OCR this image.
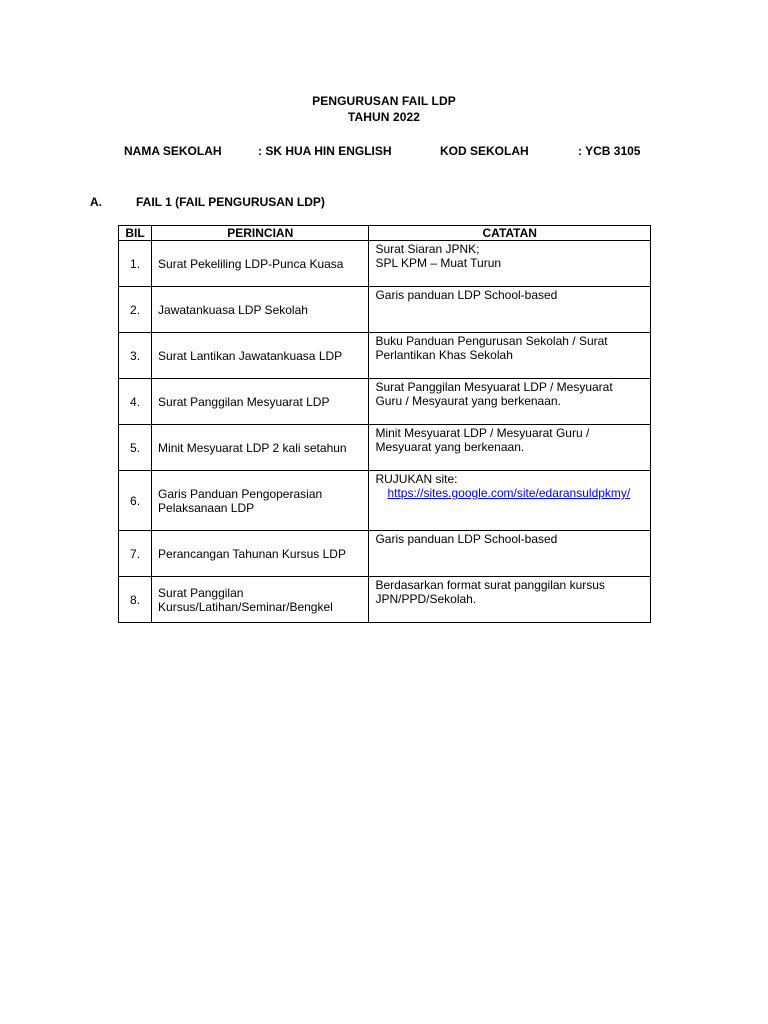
PENGURUSAN FAIL LDP
TAHUN 2022
NAMA SEKOLAH	: SK HUA HIN ENGLISH	KOD SEKOLAH	: YCB 3105
A.	FAIL 1 (FAIL PENGURUSAN LDP)
BIL	PERINCIAN	CATATAN
1.	Surat Pekeliling LDP-Punca Kuasa	Surat Siaran JPNK;
SPL KPM – Muat Turun

2.	Jawatankuasa LDP Sekolah	Garis panduan LDP School-based

3.	Surat Lantikan Jawatankuasa LDP	Buku Panduan Pengurusan Sekolah / Surat
Perlantikan Khas Sekolah

4.	Surat Panggilan Mesyuarat LDP	Surat Panggilan Mesyuarat LDP / Mesyuarat
Guru / Mesyaurat yang berkenaan.

5.	Minit Mesyuarat LDP 2 kali setahun	Minit Mesyuarat LDP / Mesyuarat Guru /
Mesyuarat yang berkenaan.

6.	Garis Panduan Pengoperasian
Pelaksanaan LDP	RUJUKAN site:
https://sites.google.com/site/edaransuldpkmy/

7.	Perancangan Tahunan Kursus LDP	Garis panduan LDP School-based

8.	Surat Panggilan
Kursus/Latihan/Seminar/Bengkel	Berdasarkan format surat panggilan kursus
JPN/PPD/Sekolah.
